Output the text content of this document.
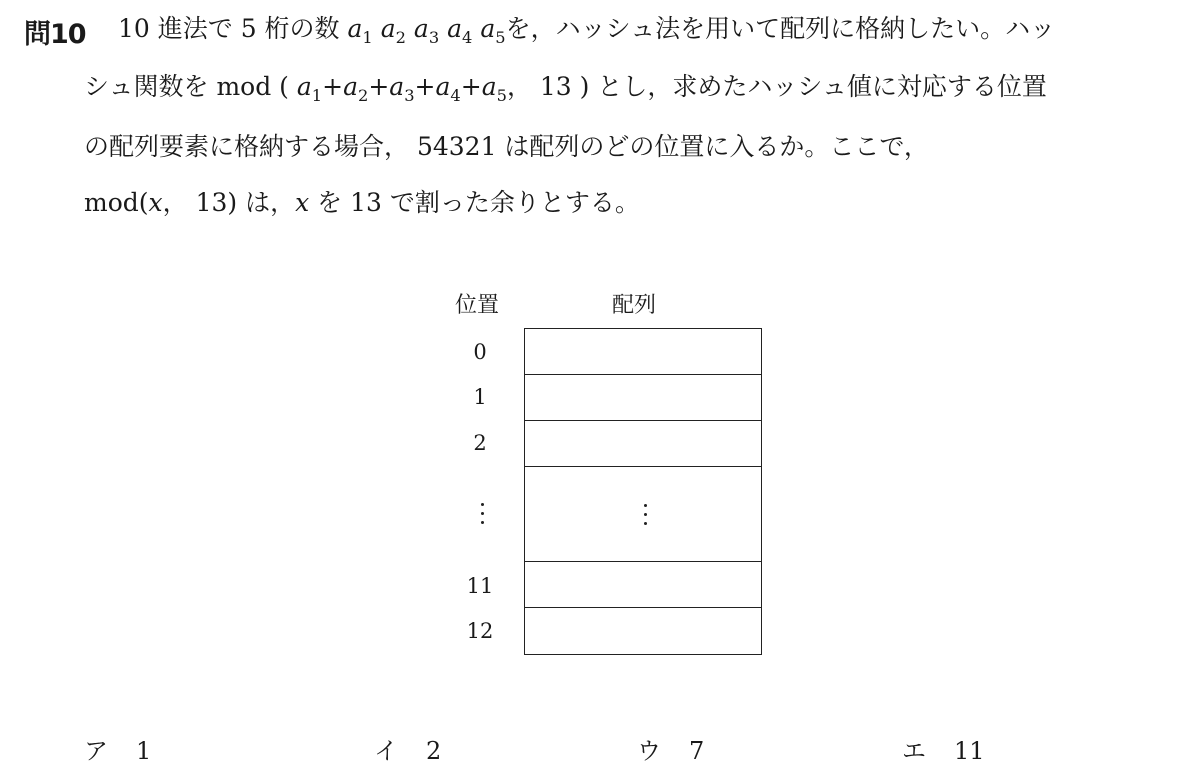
問10 10 進法で 5 桁の数 $a_1$ $a_2$ $a_3$ $a_4$ $a_5$を，ハッシュ法を用いて配列に格納したい。ハッ
シュ関数を mod ( $a_1+a_2+a_3+a_4+a_5$， 13 ) とし，求めたハッシュ値に対応する位置
の配列要素に格納する場合， 54321 は配列のどの位置に入るか。ここで，
mod(x， 13) は，x を 13 で割った余りとする。
位置	配列
0
1
2
11
12
ア 1	イ 2	ウ 7	エ 11
